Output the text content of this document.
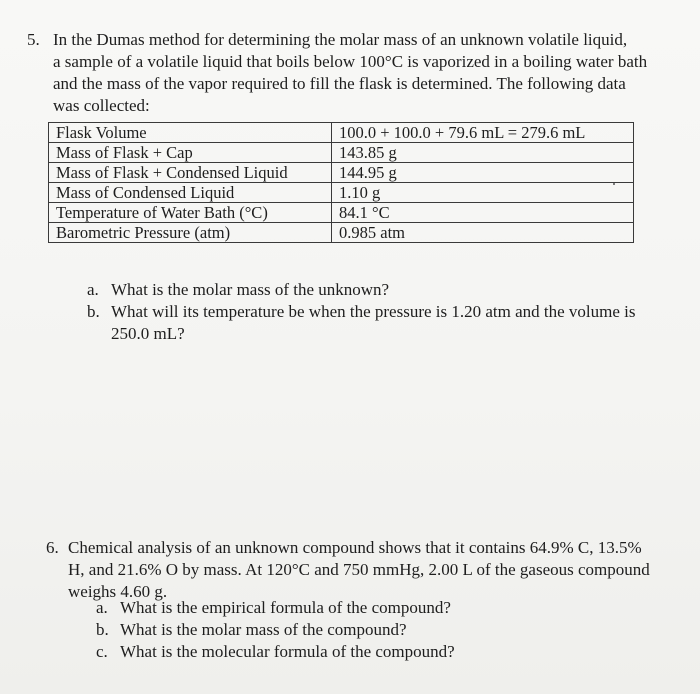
5. In the Dumas method for determining the molar mass of an unknown volatile liquid,
a sample of a volatile liquid that boils below 100°C is vaporized in a boiling water bath
and the mass of the vapor required to fill the flask is determined. The following data
was collected:
Flask Volume	100.0 + 100.0 + 79.6 mL = 279.6 mL
Mass of Flask + Cap	143.85 g
Mass of Flask + Condensed Liquid	144.95 g
Mass of Condensed Liquid	1.10 g
Temperature of Water Bath (°C)	84.1 °C
Barometric Pressure (atm)	0.985 atm
a. What is the molar mass of the unknown?
b. What will its temperature be when the pressure is 1.20 atm and the volume is
250.0 mL?
6. Chemical analysis of an unknown compound shows that it contains 64.9% C, 13.5%
H, and 21.6% O by mass. At 120°C and 750 mmHg, 2.00 L of the gaseous compound
weighs 4.60 g.
a. What is the empirical formula of the compound?
b. What is the molar mass of the compound?
c. What is the molecular formula of the compound?
